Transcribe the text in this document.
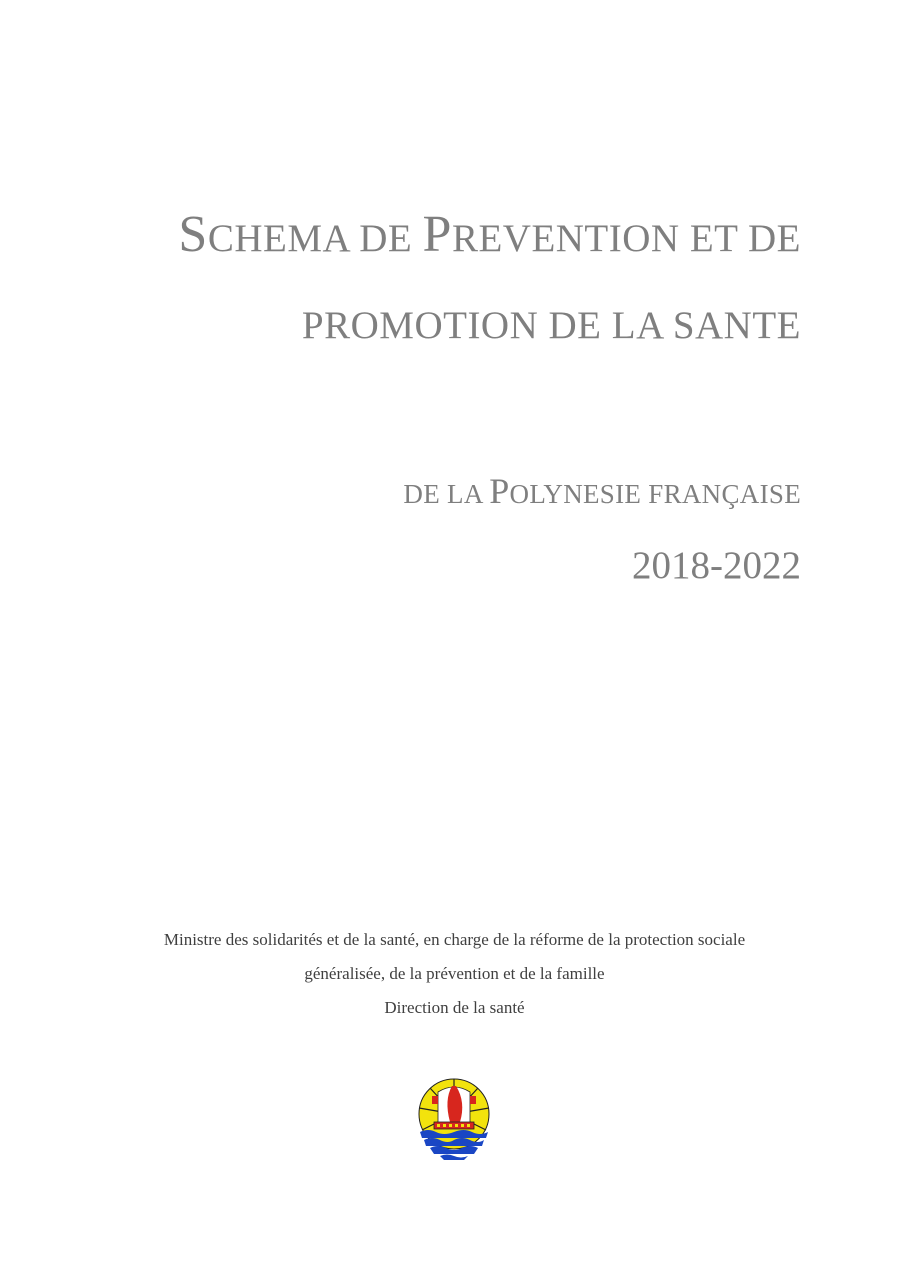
SCHEMA DE PREVENTION ET DE
PROMOTION DE LA SANTE
DE LA POLYNESIE FRANÇAISE
2018-2022
Ministre des solidarités et de la santé, en charge de la réforme de la protection sociale
généralisée, de la prévention et de la famille
Direction de la santé
